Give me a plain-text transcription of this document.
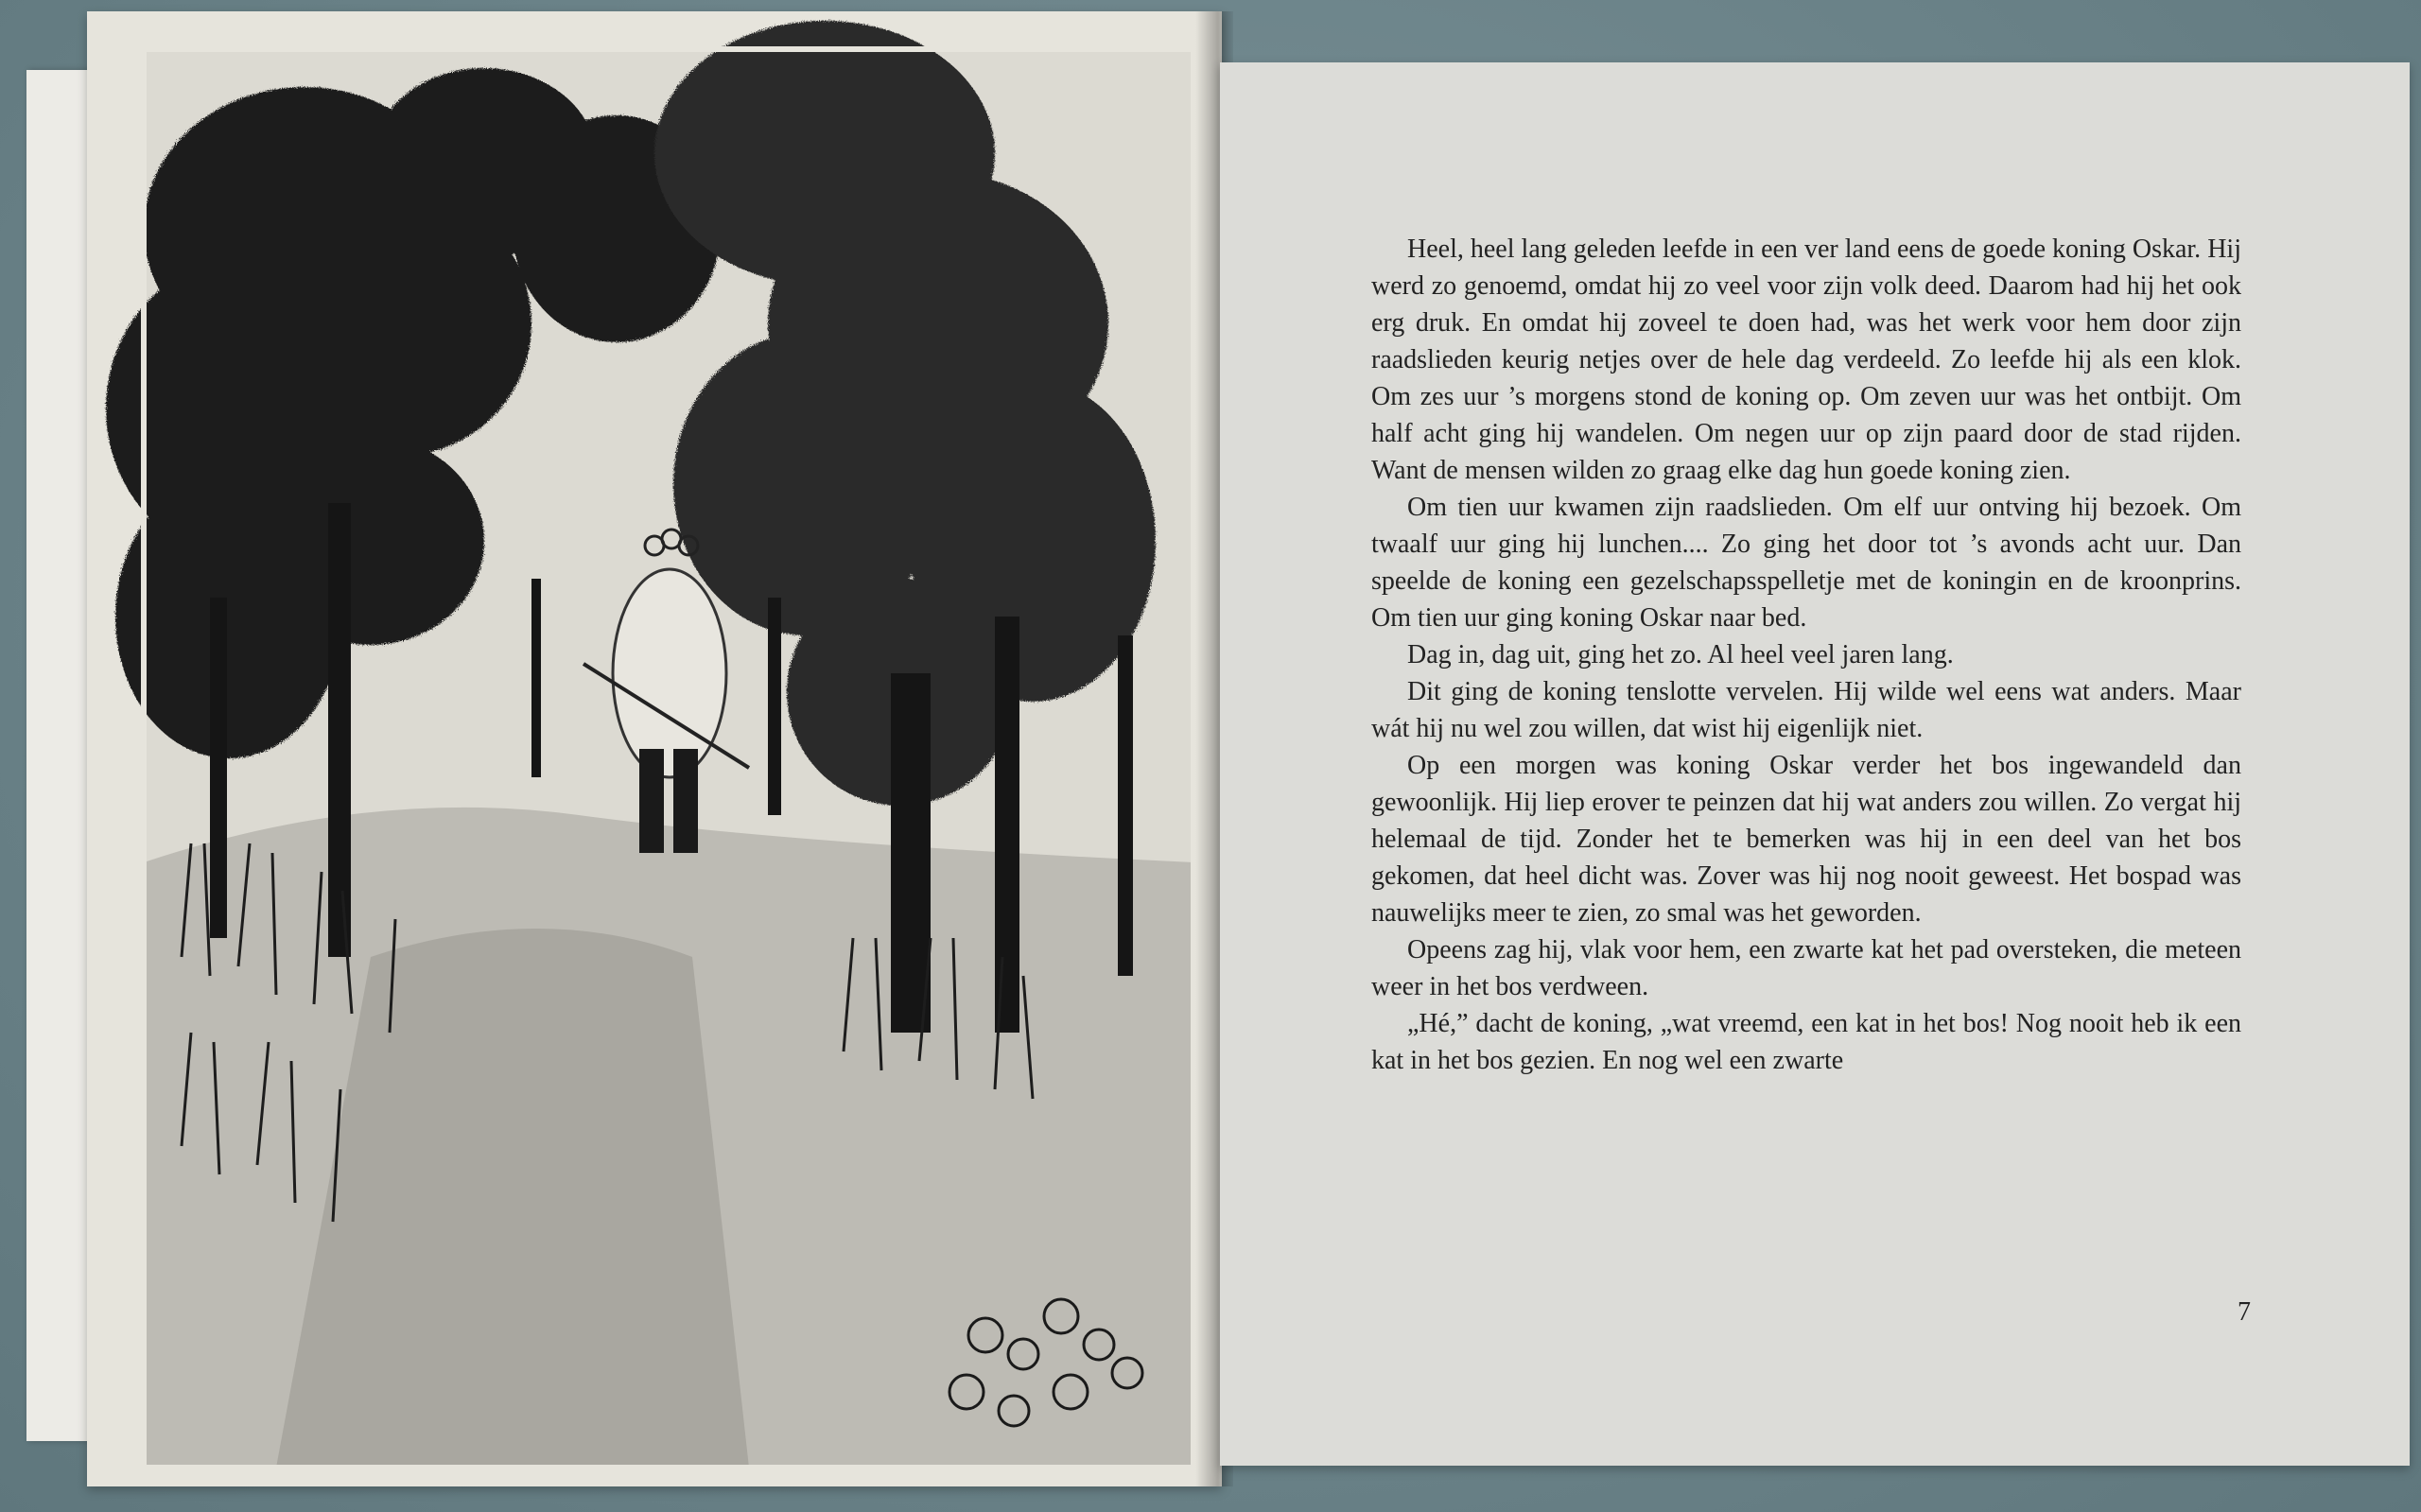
Heel, heel lang geleden leefde in een ver land eens de goede koning Oskar. Hij werd zo genoemd, omdat hij zo veel voor zijn volk deed. Daarom had hij het ook erg druk. En omdat hij zoveel te doen had, was het werk voor hem door zijn raadslieden keurig netjes over de hele dag verdeeld. Zo leefde hij als een klok. Om zes uur ’s morgens stond de koning op. Om zeven uur was het ontbijt. Om half acht ging hij wandelen. Om negen uur op zijn paard door de stad rijden. Want de mensen wilden zo graag elke dag hun goede koning zien.

Om tien uur kwamen zijn raadslieden. Om elf uur ontving hij bezoek. Om twaalf uur ging hij lunchen.... Zo ging het door tot ’s avonds acht uur. Dan speelde de koning een gezelschapsspelletje met de koningin en de kroonprins. Om tien uur ging koning Oskar naar bed.

Dag in, dag uit, ging het zo. Al heel veel jaren lang.

Dit ging de koning tenslotte vervelen. Hij wilde wel eens wat anders. Maar wát hij nu wel zou willen, dat wist hij eigenlijk niet.

Op een morgen was koning Oskar verder het bos ingewandeld dan gewoonlijk. Hij liep erover te peinzen dat hij wat anders zou willen. Zo vergat hij helemaal de tijd. Zonder het te bemerken was hij in een deel van het bos gekomen, dat heel dicht was. Zover was hij nog nooit geweest. Het bospad was nauwelijks meer te zien, zo smal was het geworden.

Opeens zag hij, vlak voor hem, een zwarte kat het pad oversteken, die meteen weer in het bos verdween.

„Hé,” dacht de koning, „wat vreemd, een kat in het bos! Nog nooit heb ik een kat in het bos gezien. En nog wel een zwarte

7
